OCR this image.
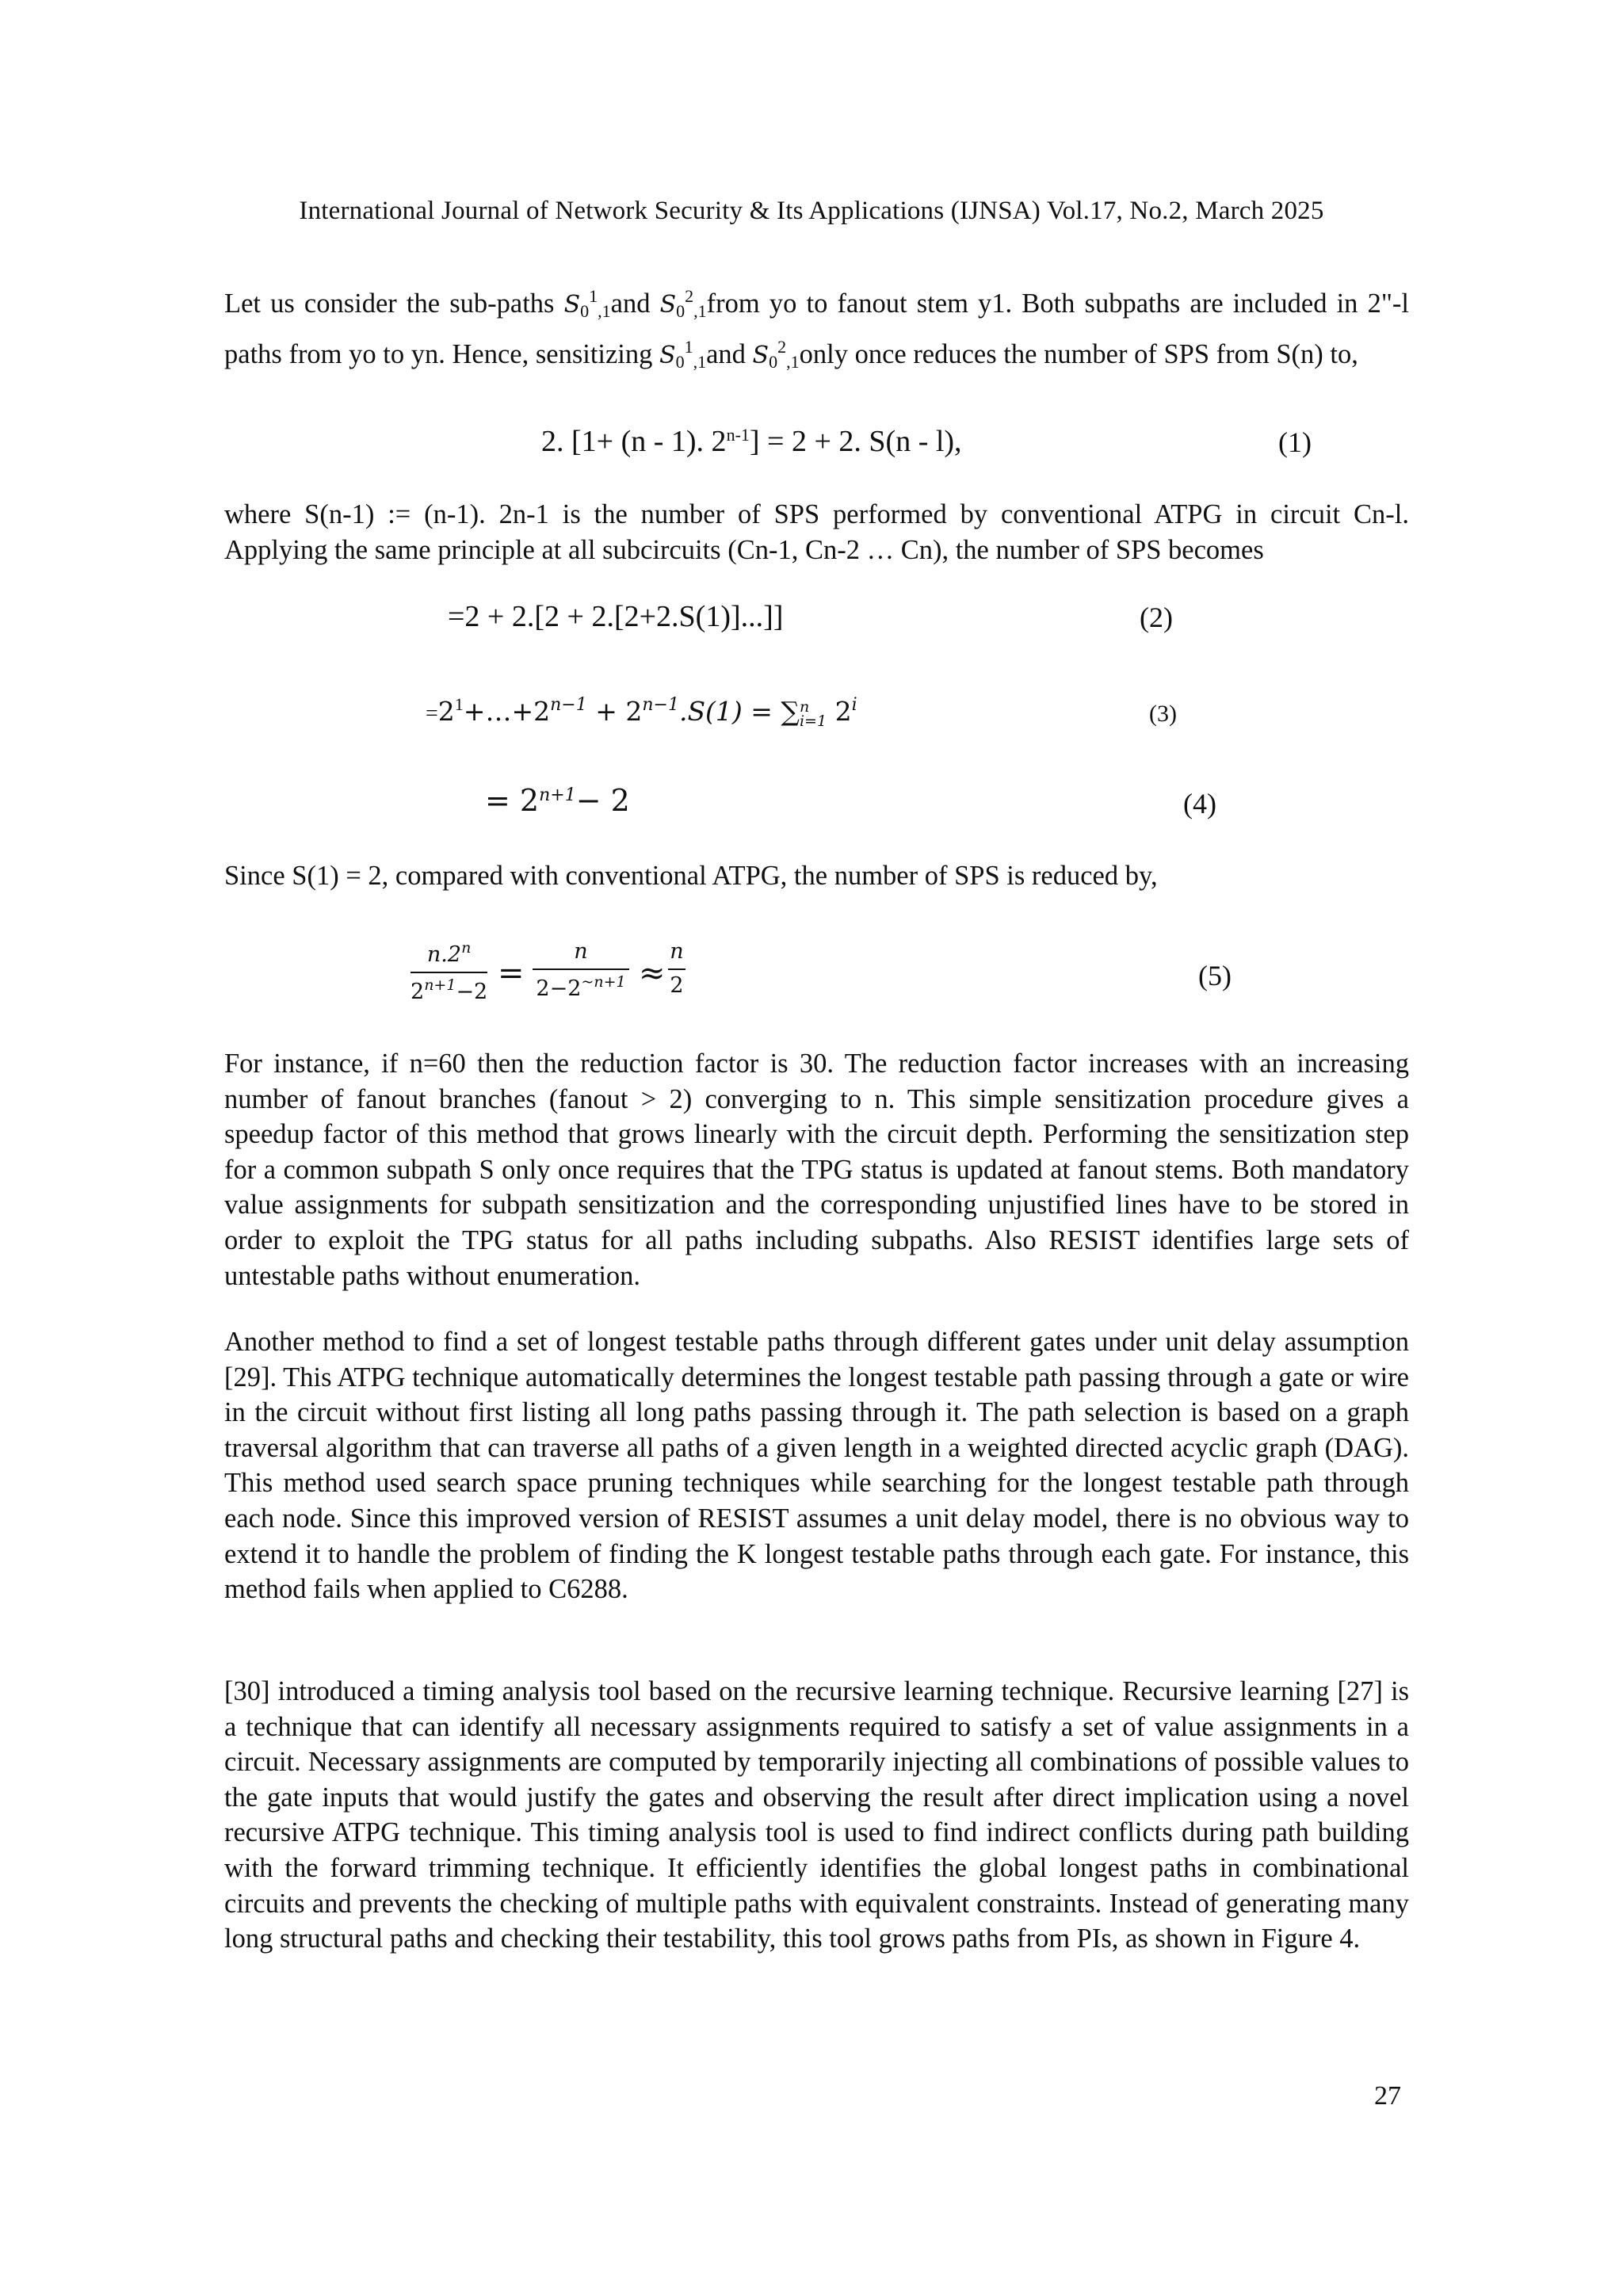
International Journal of Network Security & Its Applications (IJNSA) Vol.17, No.2, March 2025

Let us consider the sub-paths $S_0^1_{,1}and$ $S_0^2_{,1}from$ yo to fanout stem y1. Both subpaths are included in 2"-l paths from yo to yn. Hence, sensitizing $S_0^1_{,1}and$ $S_0^2_{,1}only$ once reduces the number of SPS from S(n) to,

2. [1+ (n - 1). $2^{n-1}] = 2 + 2$. S(n - l),	(1)

where S(n-1) := (n-1). 2n-1 is the number of SPS performed by conventional ATPG in circuit Cn-l. Applying the same principle at all subcircuits (Cn-1, Cn-2 … Cn), the number of SPS becomes

=2 + 2.[2 + 2.[2+2.S(1)]...]]	(2)
$=2^1+\dots+2^{n-1} + 2^{n-1}.S(1)$ = ∑ n
i=1 2$^i$	(3)
= $2^{n+1}- 2$	(4)

Since S(1) = 2, compared with conventional ATPG, the number of SPS is reduced by,

n.2$^n$
$2^{n+1}-2$
=
n
$2-2^{\sim n+1}$ ≈
n
2	(5)

For instance, if n=60 then the reduction factor is 30. The reduction factor increases with an increasing number of fanout branches (fanout > 2) converging to n. This simple sensitization procedure gives a speedup factor of this method that grows linearly with the circuit depth. Performing the sensitization step for a common subpath S only once requires that the TPG status is updated at fanout stems. Both mandatory value assignments for subpath sensitization and the corresponding unjustified lines have to be stored in order to exploit the TPG status for all paths including subpaths. Also RESIST identifies large sets of untestable paths without enumeration.

Another method to find a set of longest testable paths through different gates under unit delay assumption [29]. This ATPG technique automatically determines the longest testable path passing through a gate or wire in the circuit without first listing all long paths passing through it. The path selection is based on a graph traversal algorithm that can traverse all paths of a given length in a weighted directed acyclic graph (DAG). This method used search space pruning techniques while searching for the longest testable path through each node. Since this improved version of RESIST assumes a unit delay model, there is no obvious way to extend it to handle the problem of finding the K longest testable paths through each gate. For instance, this method fails when applied to C6288.

[30] introduced a timing analysis tool based on the recursive learning technique. Recursive learning [27] is a technique that can identify all necessary assignments required to satisfy a set of value assignments in a circuit. Necessary assignments are computed by temporarily injecting all combinations of possible values to the gate inputs that would justify the gates and observing the result after direct implication using a novel recursive ATPG technique. This timing analysis tool is used to find indirect conflicts during path building with the forward trimming technique. It efficiently identifies the global longest paths in combinational circuits and prevents the checking of multiple paths with equivalent constraints. Instead of generating many long structural paths and checking their testability, this tool grows paths from PIs, as shown in Figure 4.

27
